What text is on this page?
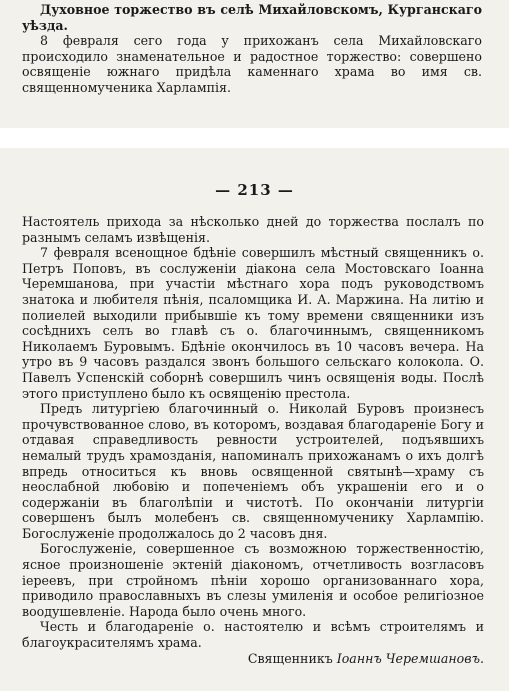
Духовное торжество въ селѣ Михайловскомъ, Курганскаго уѣзда.

8 февраля сего года у прихожанъ села Михайловскаго происходило знаменательное и радостное торжество: совершено освященіе южнаго придѣла каменнаго храма во имя св. священномученика Харлампія.

— 213 —

Настоятель прихода за нѣсколько дней до торжества послалъ по разнымъ селамъ извѣщенія.

7 февраля всенощное бдѣніе совершилъ мѣстный священникъ о. Петръ Поповъ, въ сослуженіи діакона села Мостовскаго Іоанна Черемшанова, при участіи мѣстнаго хора подъ руководствомъ знатока и любителя пѣнія, псаломщика И. А. Маржина. На литію и полиелей выходили прибывшіе къ тому времени священники изъ сосѣднихъ селъ во главѣ съ о. благочиннымъ, священникомъ Николаемъ Буровымъ. Бдѣніе окончилось въ 10 часовъ вечера. На утро въ 9 часовъ раздался звонъ большого сельскаго колокола. О. Павелъ Успенскій соборнѣ совершилъ чинъ освященія воды. Послѣ этого приступлено было къ освященію престола.

Предъ литургіею благочинный о. Николай Буровъ произнесъ прочувствованное слово, въ которомъ, воздавая благодареніе Богу и отдавая справедливость ревности устроителей, подъявшихъ немалый трудъ храмозданія, напоминалъ прихожанамъ о ихъ долгѣ впредь относиться къ вновь освященной святынѣ—храму съ неослабной любовію и попеченіемъ объ украшеніи его и о содержаніи въ благолѣпіи и чистотѣ. По окончаніи литургіи совершенъ былъ молебенъ св. священномученику Харлампію. Богослуженіе продолжалось до 2 часовъ дня.

Богослуженіе, совершенное съ возможною торжественностію, ясное произношеніе эктеній діакономъ, отчетливость возгласовъ іереевъ, при стройномъ пѣніи хорошо организованнаго хора, приводило православныхъ въ слезы умиленія и особое религіозное воодушевленіе. Народа было очень много.

Честь и благодареніе о. настоятелю и всѣмъ строителямъ и благоукрасителямъ храма.

Священникъ Іоаннъ Черемшановъ.
